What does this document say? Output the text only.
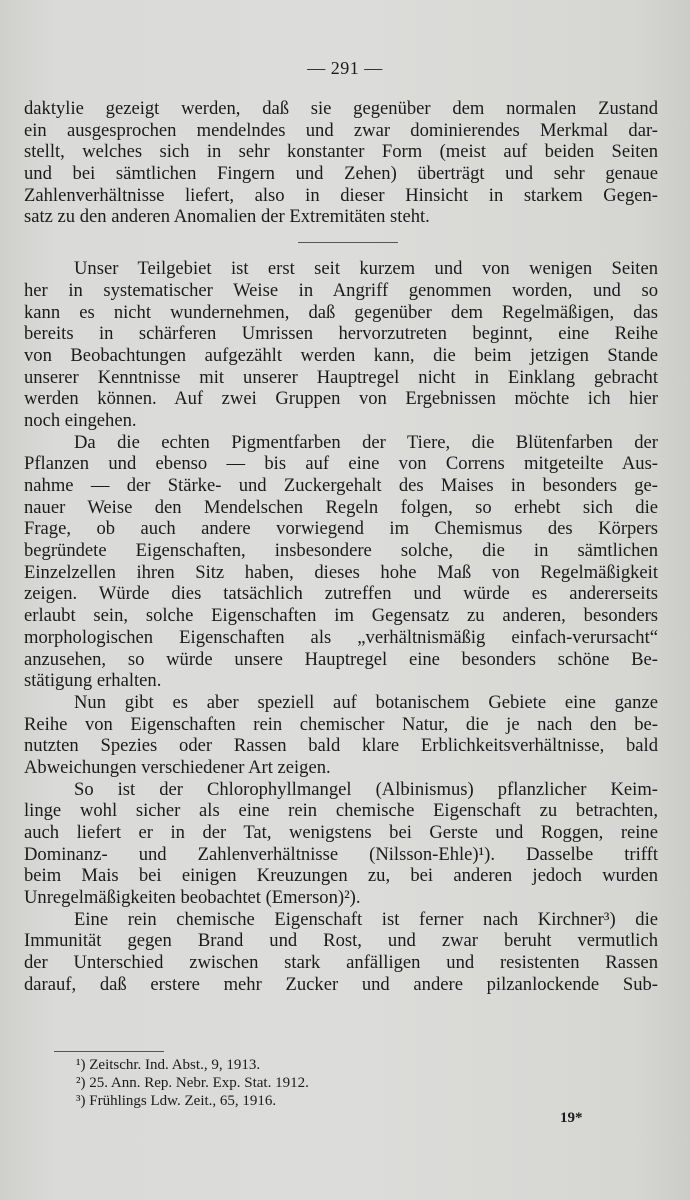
— 291 —
daktylie gezeigt werden, daß sie gegenüber dem normalen Zustand
ein ausgesprochen mendelndes und zwar dominierendes Merkmal dar-
stellt, welches sich in sehr konstanter Form (meist auf beiden Seiten
und bei sämtlichen Fingern und Zehen) überträgt und sehr genaue
Zahlenverhältnisse liefert, also in dieser Hinsicht in starkem Gegen-
satz zu den anderen Anomalien der Extremitäten steht.
Unser Teilgebiet ist erst seit kurzem und von wenigen Seiten
her in systematischer Weise in Angriff genommen worden, und so
kann es nicht wundernehmen, daß gegenüber dem Regelmäßigen, das
bereits in schärferen Umrissen hervorzutreten beginnt, eine Reihe
von Beobachtungen aufgezählt werden kann, die beim jetzigen Stande
unserer Kenntnisse mit unserer Hauptregel nicht in Einklang gebracht
werden können. Auf zwei Gruppen von Ergebnissen möchte ich hier
noch eingehen.
Da die echten Pigmentfarben der Tiere, die Blütenfarben der
Pflanzen und ebenso — bis auf eine von Correns mitgeteilte Aus-
nahme — der Stärke- und Zuckergehalt des Maises in besonders ge-
nauer Weise den Mendelschen Regeln folgen, so erhebt sich die
Frage, ob auch andere vorwiegend im Chemismus des Körpers
begründete Eigenschaften, insbesondere solche, die in sämtlichen
Einzelzellen ihren Sitz haben, dieses hohe Maß von Regelmäßigkeit
zeigen. Würde dies tatsächlich zutreffen und würde es andererseits
erlaubt sein, solche Eigenschaften im Gegensatz zu anderen, besonders
morphologischen Eigenschaften als „verhältnismäßig einfach-verursacht“
anzusehen, so würde unsere Hauptregel eine besonders schöne Be-
stätigung erhalten.
Nun gibt es aber speziell auf botanischem Gebiete eine ganze
Reihe von Eigenschaften rein chemischer Natur, die je nach den be-
nutzten Spezies oder Rassen bald klare Erblichkeitsverhältnisse, bald
Abweichungen verschiedener Art zeigen.
So ist der Chlorophyllmangel (Albinismus) pflanzlicher Keim-
linge wohl sicher als eine rein chemische Eigenschaft zu betrachten,
auch liefert er in der Tat, wenigstens bei Gerste und Roggen, reine
Dominanz- und Zahlenverhältnisse (Nilsson-Ehle)¹). Dasselbe trifft
beim Mais bei einigen Kreuzungen zu, bei anderen jedoch wurden
Unregelmäßigkeiten beobachtet (Emerson)²).
Eine rein chemische Eigenschaft ist ferner nach Kirchner³) die
Immunität gegen Brand und Rost, und zwar beruht vermutlich
der Unterschied zwischen stark anfälligen und resistenten Rassen
darauf, daß erstere mehr Zucker und andere pilzanlockende Sub-
¹) Zeitschr. Ind. Abst., 9, 1913.
²) 25. Ann. Rep. Nebr. Exp. Stat. 1912.
³) Frühlings Ldw. Zeit., 65, 1916.
19*
